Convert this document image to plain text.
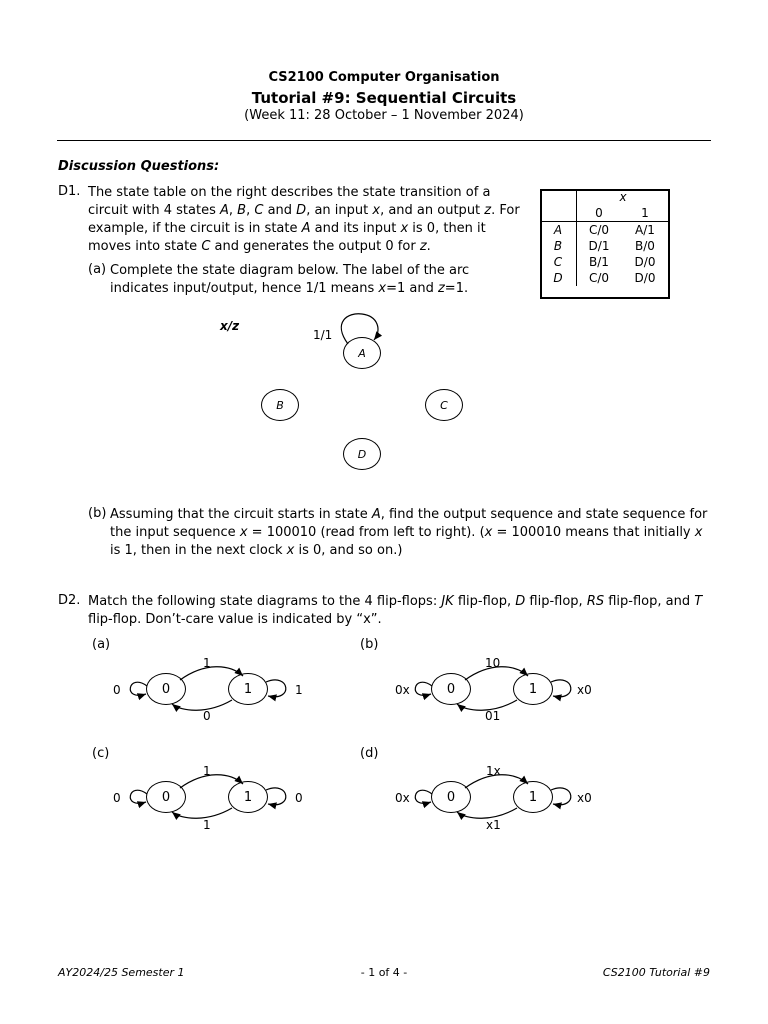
CS2100 Computer Organisation
Tutorial #9: Sequential Circuits
(Week 11: 28 October – 1 November 2024)
Discussion Questions:
D1. The state table on the right describes the state transition of a circuit with 4 states A, B, C and D, an input x, and an output z. For example, if the circuit is in state A and its input x is 0, then it moves into state C and generates the output 0 for z.
(a) Complete the state diagram below. The label of the arc indicates input/output, hence 1/1 means x=1 and z=1.
	x	
	0	1
A	C/0	A/1
B	D/1	B/0
C	B/1	D/0
D	C/0	D/0
x/z
1/1
A
B	C
D
(b) Assuming that the circuit starts in state A, find the output sequence and state sequence for the input sequence x = 100010 (read from left to right). (x = 100010 means that initially x is 1, then in the next clock x is 0, and so on.)
D2. Match the following state diagrams to the 4 flip-flops: JK flip-flop, D flip-flop, RS flip-flop, and T flip-flop. Don’t-care value is indicated by “x”.
(a)
0
1
0
1
0	1
(b)
0x
10
01
x0
0	1
(c)
0
1
1
0
0	1
(d)
0x
1x
x1
x0
0	1
AY2024/25 Semester 1	- 1 of 4 -	CS2100 Tutorial #9
